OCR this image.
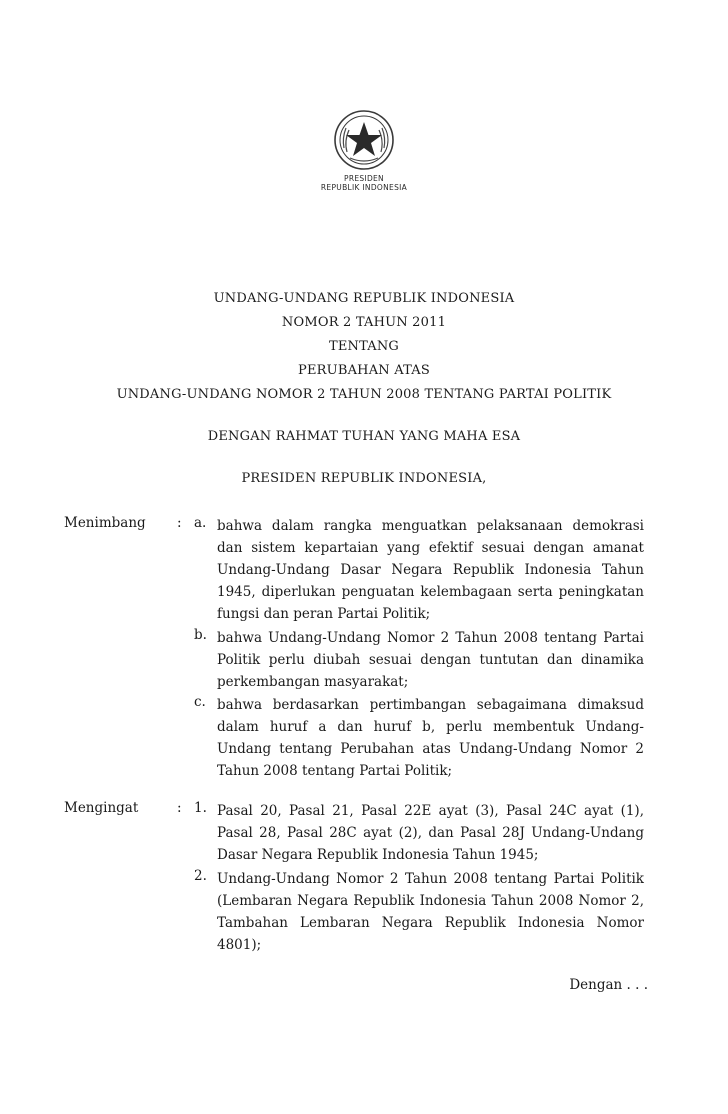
PRESIDEN
REPUBLIK INDONESIA
UNDANG-UNDANG REPUBLIK INDONESIA
NOMOR 2 TAHUN 2011
TENTANG
PERUBAHAN ATAS
UNDANG-UNDANG NOMOR 2 TAHUN 2008 TENTANG PARTAI POLITIK
DENGAN RAHMAT TUHAN YANG MAHA ESA
PRESIDEN REPUBLIK INDONESIA,
Menimbang : a. bahwa dalam rangka menguatkan pelaksanaan demokrasi dan sistem kepartaian yang efektif sesuai dengan amanat Undang-Undang Dasar Negara Republik Indonesia Tahun 1945, diperlukan penguatan kelembagaan serta peningkatan fungsi dan peran Partai Politik;
b. bahwa Undang-Undang Nomor 2 Tahun 2008 tentang Partai Politik perlu diubah sesuai dengan tuntutan dan dinamika perkembangan masyarakat;
c. bahwa berdasarkan pertimbangan sebagaimana dimaksud dalam huruf a dan huruf b, perlu membentuk Undang-Undang tentang Perubahan atas Undang-Undang Nomor 2 Tahun 2008 tentang Partai Politik;
Mengingat	: 1. Pasal 20, Pasal 21, Pasal 22E ayat (3), Pasal 24C ayat (1), Pasal 28, Pasal 28C ayat (2), dan Pasal 28J Undang-Undang Dasar Negara Republik Indonesia Tahun 1945;
2. Undang-Undang Nomor 2 Tahun 2008 tentang Partai Politik (Lembaran Negara Republik Indonesia Tahun 2008 Nomor 2, Tambahan Lembaran Negara Republik Indonesia Nomor 4801);
Dengan . . .
